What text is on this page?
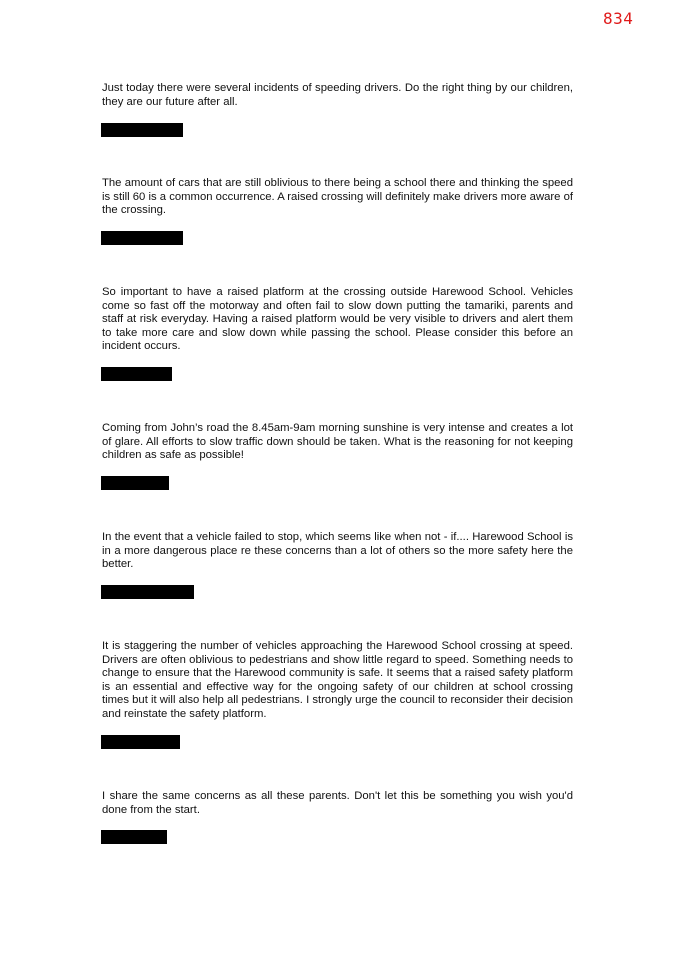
834

Just today there were several incidents of speeding drivers. Do the right thing by our children, they are our future after all.

The amount of cars that are still oblivious to there being a school there and thinking the speed is still 60 is a common occurrence. A raised crossing will definitely make drivers more aware of the crossing.

So important to have a raised platform at the crossing outside Harewood School. Vehicles come so fast off the motorway and often fail to slow down putting the tamariki, parents and staff at risk everyday. Having a raised platform would be very visible to drivers and alert them to take more care and slow down while passing the school. Please consider this before an incident occurs.

Coming from John’s road the 8.45am-9am morning sunshine is very intense and creates a lot of glare. All efforts to slow traffic down should be taken. What is the reasoning for not keeping children as safe as possible!

In the event that a vehicle failed to stop, which seems like when not - if.... Harewood School is in a more dangerous place re these concerns than a lot of others so the more safety here the better.

It is staggering the number of vehicles approaching the Harewood School crossing at speed. Drivers are often oblivious to pedestrians and show little regard to speed. Something needs to change to ensure that the Harewood community is safe. It seems that a raised safety platform is an essential and effective way for the ongoing safety of our children at school crossing times but it will also help all pedestrians. I strongly urge the council to reconsider their decision and reinstate the safety platform.

I share the same concerns as all these parents. Don't let this be something you wish you'd done from the start.
